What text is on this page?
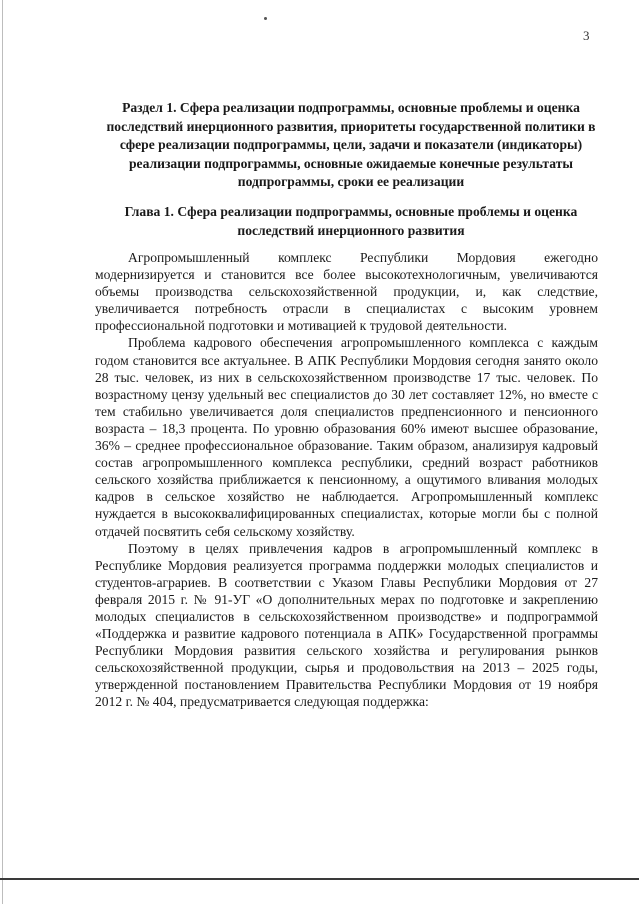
3
Раздел 1. Сфера реализации подпрограммы, основные проблемы и оценка последствий инерционного развития, приоритеты государственной политики в сфере реализации подпрограммы, цели, задачи и показатели (индикаторы) реализации подпрограммы, основные ожидаемые конечные результаты подпрограммы, сроки ее реализации
Глава 1. Сфера реализации подпрограммы, основные проблемы и оценка последствий инерционного развития

Агропромышленный комплекс Республики Мордовия ежегодно модернизируется и становится все более высокотехнологичным, увеличиваются объемы производства сельскохозяйственной продукции, и, как следствие, увеличивается потребность отрасли в специалистах с высоким уровнем профессиональной подготовки и мотивацией к трудовой деятельности.

Проблема кадрового обеспечения агропромышленного комплекса с каждым годом становится все актуальнее. В АПК Республики Мордовия сегодня занято около 28 тыс. человек, из них в сельскохозяйственном производстве 17 тыс. человек. По возрастному цензу удельный вес специалистов до 30 лет составляет 12%, но вместе с тем стабильно увеличивается доля специалистов предпенсионного и пенсионного возраста – 18,3 процента. По уровню образования 60% имеют высшее образование, 36% – среднее профессиональное образование. Таким образом, анализируя кадровый состав агропромышленного комплекса республики, средний возраст работников сельского хозяйства приближается к пенсионному, а ощутимого вливания молодых кадров в сельское хозяйство не наблюдается. Агропромышленный комплекс нуждается в высококвалифицированных специалистах, которые могли бы с полной отдачей посвятить себя сельскому хозяйству.

Поэтому в целях привлечения кадров в агропромышленный комплекс в Республике Мордовия реализуется программа поддержки молодых специалистов и студентов-аграриев. В соответствии с Указом Главы Республики Мордовия от 27 февраля 2015 г. № 91-УГ «О дополнительных мерах по подготовке и закреплению молодых специалистов в сельскохозяйственном производстве» и подпрограммой «Поддержка и развитие кадрового потенциала в АПК» Государственной программы Республики Мордовия развития сельского хозяйства и регулирования рынков сельскохозяйственной продукции, сырья и продовольствия на 2013 – 2025 годы, утвержденной постановлением Правительства Республики Мордовия от 19 ноября 2012 г. № 404, предусматривается следующая поддержка:
